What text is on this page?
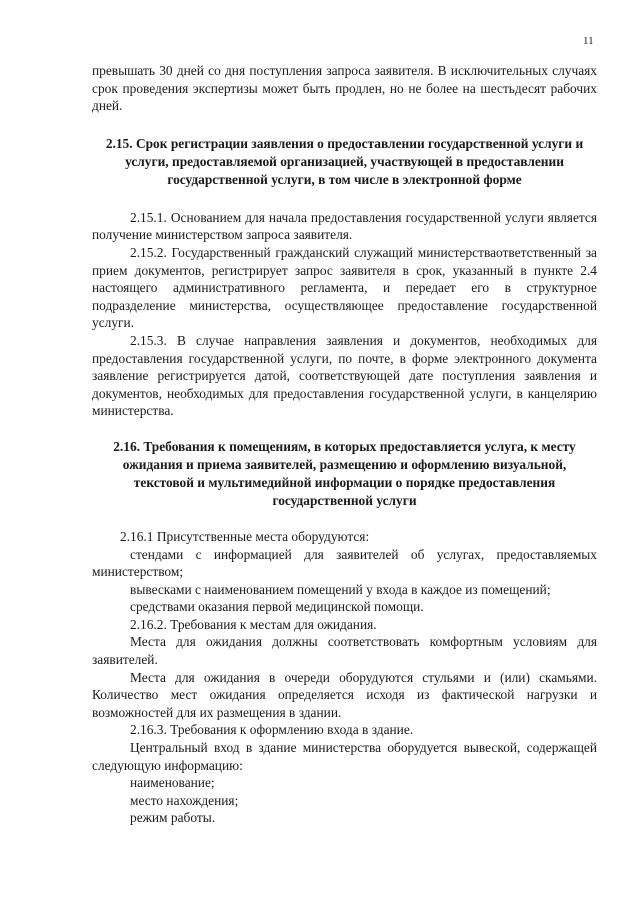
11

превышать 30 дней со дня поступления запроса заявителя. В исключительных случаях срок проведения экспертизы может быть продлен, но не более на шестьдесят рабочих дней.

2.15. Срок регистрации заявления о предоставлении государственной услуги и услуги, предоставляемой организацией, участвующей в предоставлении государственной услуги, в том числе в электронной форме

2.15.1. Основанием для начала предоставления государственной услуги является получение министерством запроса заявителя.

2.15.2. Государственный гражданский служащий министерстваответственный за прием документов, регистрирует запрос заявителя в срок, указанный в пункте 2.4 настоящего административного регламента, и передает его в структурное подразделение министерства, осуществляющее предоставление государственной услуги.

2.15.3. В случае направления заявления и документов, необходимых для предоставления государственной услуги, по почте, в форме электронного документа заявление регистрируется датой, соответствующей дате поступления заявления и документов, необходимых для предоставления государственной услуги, в канцелярию министерства.

2.16. Требования к помещениям, в которых предоставляется услуга, к месту ожидания и приема заявителей, размещению и оформлению визуальной, текстовой и мультимедийной информации о порядке предоставления государственной услуги

2.16.1 Присутственные места оборудуются:

стендами с информацией для заявителей об услугах, предоставляемых министерством;

вывесками с наименованием помещений у входа в каждое из помещений;

средствами оказания первой медицинской помощи.

2.16.2. Требования к местам для ожидания.

Места для ожидания должны соответствовать комфортным условиям для заявителей.

Места для ожидания в очереди оборудуются стульями и (или) скамьями. Количество мест ожидания определяется исходя из фактической нагрузки и возможностей для их размещения в здании.

2.16.3. Требования к оформлению входа в здание.

Центральный вход в здание министерства оборудуется вывеской, содержащей следующую информацию:

наименование;

место нахождения;

режим работы.
